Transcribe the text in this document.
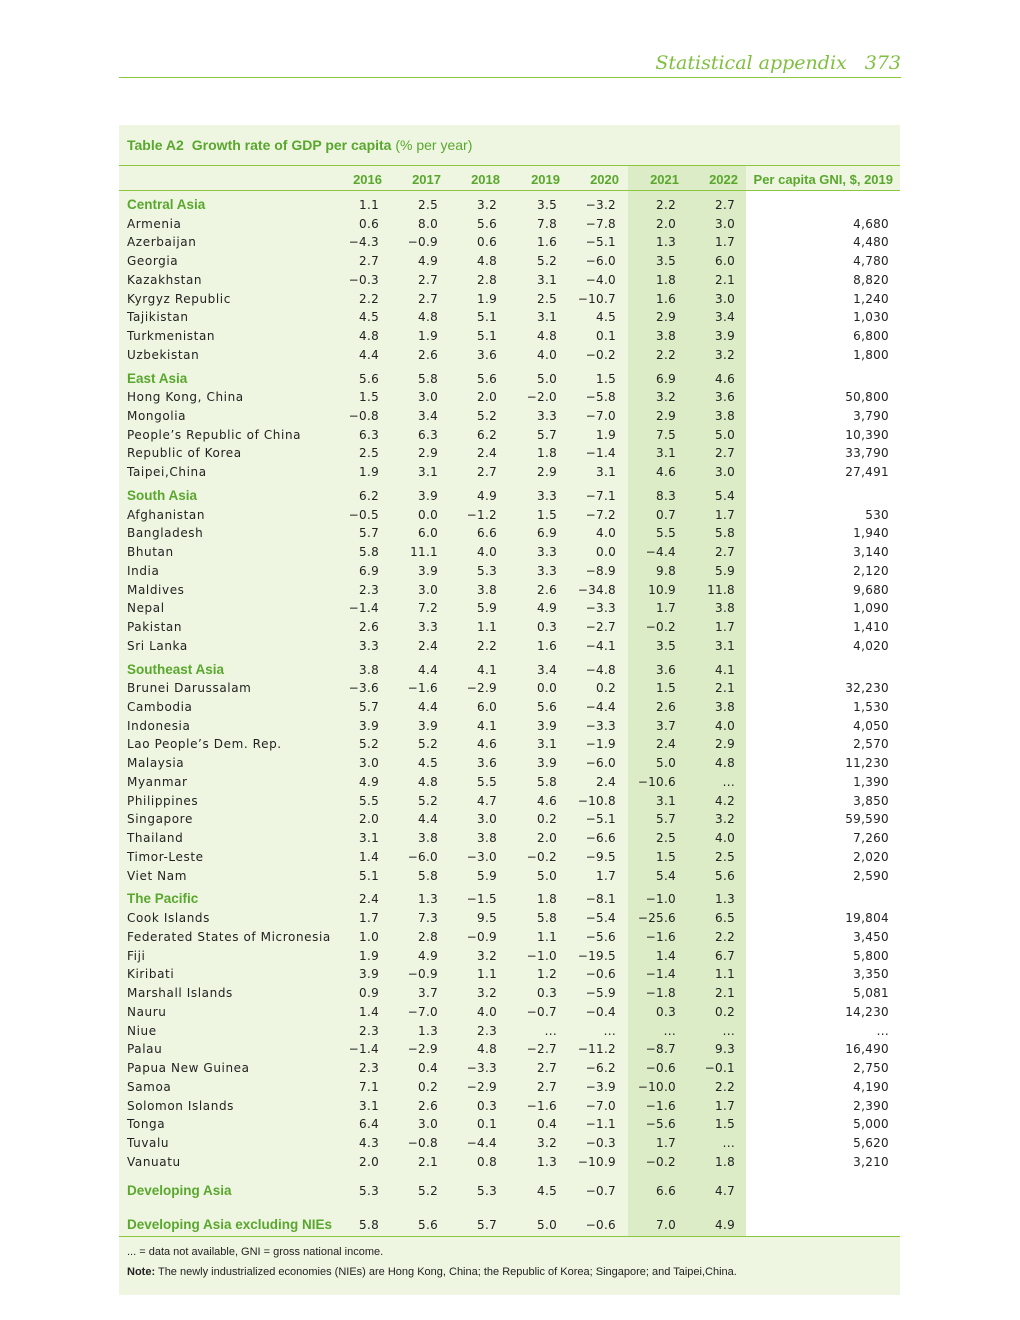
Statistical appendix 373
Table A2 Growth rate of GDP per capita (% per year)
2016	2017	2018	2019	2020	2021	2022	Per capita GNI, $, 2019
Central Asia	1.1	2.5	3.2	3.5	−3.2	2.2	2.7
Armenia	0.6	8.0	5.6	7.8	−7.8	2.0	3.0	4,680
Azerbaijan	−4.3	−0.9	0.6	1.6	−5.1	1.3	1.7	4,480
Georgia	2.7	4.9	4.8	5.2	−6.0	3.5	6.0	4,780
Kazakhstan	−0.3	2.7	2.8	3.1	−4.0	1.8	2.1	8,820
Kyrgyz Republic	2.2	2.7	1.9	2.5	−10.7	1.6	3.0	1,240
Tajikistan	4.5	4.8	5.1	3.1	4.5	2.9	3.4	1,030
Turkmenistan	4.8	1.9	5.1	4.8	0.1	3.8	3.9	6,800
Uzbekistan	4.4	2.6	3.6	4.0	−0.2	2.2	3.2	1,800
East Asia	5.6	5.8	5.6	5.0	1.5	6.9	4.6
Hong Kong, China	1.5	3.0	2.0	−2.0	−5.8	3.2	3.6	50,800
Mongolia	−0.8	3.4	5.2	3.3	−7.0	2.9	3.8	3,790
People’s Republic of China	6.3	6.3	6.2	5.7	1.9	7.5	5.0	10,390
Republic of Korea	2.5	2.9	2.4	1.8	−1.4	3.1	2.7	33,790
Taipei,China	1.9	3.1	2.7	2.9	3.1	4.6	3.0	27,491
South Asia	6.2	3.9	4.9	3.3	−7.1	8.3	5.4
Afghanistan	−0.5	0.0	−1.2	1.5	−7.2	0.7	1.7	530
Bangladesh	5.7	6.0	6.6	6.9	4.0	5.5	5.8	1,940
Bhutan	5.8	11.1	4.0	3.3	0.0	−4.4	2.7	3,140
India	6.9	3.9	5.3	3.3	−8.9	9.8	5.9	2,120
Maldives	2.3	3.0	3.8	2.6	−34.8	10.9	11.8	9,680
Nepal	−1.4	7.2	5.9	4.9	−3.3	1.7	3.8	1,090
Pakistan	2.6	3.3	1.1	0.3	−2.7	−0.2	1.7	1,410
Sri Lanka	3.3	2.4	2.2	1.6	−4.1	3.5	3.1	4,020
Southeast Asia	3.8	4.4	4.1	3.4	−4.8	3.6	4.1
Brunei Darussalam	−3.6	−1.6	−2.9	0.0	0.2	1.5	2.1	32,230
Cambodia	5.7	4.4	6.0	5.6	−4.4	2.6	3.8	1,530
Indonesia	3.9	3.9	4.1	3.9	−3.3	3.7	4.0	4,050
Lao People’s Dem. Rep.	5.2	5.2	4.6	3.1	−1.9	2.4	2.9	2,570
Malaysia	3.0	4.5	3.6	3.9	−6.0	5.0	4.8	11,230
Myanmar	4.9	4.8	5.5	5.8	2.4	−10.6	...	1,390
Philippines	5.5	5.2	4.7	4.6	−10.8	3.1	4.2	3,850
Singapore	2.0	4.4	3.0	0.2	−5.1	5.7	3.2	59,590
Thailand	3.1	3.8	3.8	2.0	−6.6	2.5	4.0	7,260
Timor-Leste	1.4	−6.0	−3.0	−0.2	−9.5	1.5	2.5	2,020
Viet Nam	5.1	5.8	5.9	5.0	1.7	5.4	5.6	2,590
The Pacific	2.4	1.3	−1.5	1.8	−8.1	−1.0	1.3
Cook Islands	1.7	7.3	9.5	5.8	−5.4	−25.6	6.5	19,804
Federated States of Micronesia	1.0	2.8	−0.9	1.1	−5.6	−1.6	2.2	3,450
Fiji	1.9	4.9	3.2	−1.0	−19.5	1.4	6.7	5,800
Kiribati	3.9	−0.9	1.1	1.2	−0.6	−1.4	1.1	3,350
Marshall Islands	0.9	3.7	3.2	0.3	−5.9	−1.8	2.1	5,081
Nauru	1.4	−7.0	4.0	−0.7	−0.4	0.3	0.2	14,230
Niue	2.3	1.3	2.3	...	...	...	...	...
Palau	−1.4	−2.9	4.8	−2.7	−11.2	−8.7	9.3	16,490
Papua New Guinea	2.3	0.4	−3.3	2.7	−6.2	−0.6	−0.1	2,750
Samoa	7.1	0.2	−2.9	2.7	−3.9	−10.0	2.2	4,190
Solomon Islands	3.1	2.6	0.3	−1.6	−7.0	−1.6	1.7	2,390
Tonga	6.4	3.0	0.1	0.4	−1.1	−5.6	1.5	5,000
Tuvalu	4.3	−0.8	−4.4	3.2	−0.3	1.7	...	5,620
Vanuatu	2.0	2.1	0.8	1.3	−10.9	−0.2	1.8	3,210
Developing Asia	5.3	5.2	5.3	4.5	−0.7	6.6	4.7
Developing Asia excluding NIEs	5.8	5.6	5.7	5.0	−0.6	7.0	4.9
... = data not available, GNI = gross national income.
Note: The newly industrialized economies (NIEs) are Hong Kong, China; the Republic of Korea; Singapore; and Taipei,China.
